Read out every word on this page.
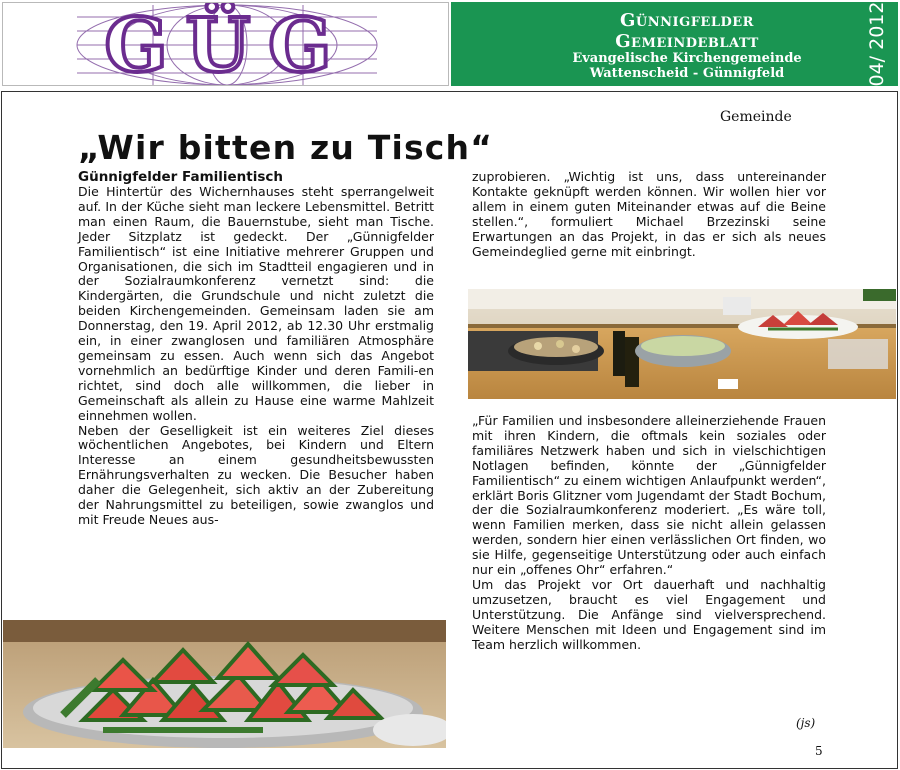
GÜG	Günnigfelder
Gemeindeblatt
Evangelische Kirchengemeinde
Wattenscheid - Günnigfeld	04/ 2012
Gemeinde
„Wir bitten zu Tisch“

Günnigfelder Familientisch

Die Hintertür des Wichernhauses steht sperrangelweit auf. In der Küche sieht man leckere Lebensmittel. Betritt man einen Raum, die Bauernstube, sieht man Tische. Jeder Sitzplatz ist gedeckt. Der „Günnigfelder Familientisch“ ist eine Initiative mehrerer Gruppen und Organisationen, die sich im Stadtteil engagieren und in der Sozialraumkonferenz vernetzt sind: die Kindergärten, die Grundschule und nicht zuletzt die beiden Kirchengemeinden. Gemeinsam laden sie am Donnerstag, den 19. April 2012, ab 12.30 Uhr erstmalig ein, in einer zwanglosen und familiären Atmosphäre gemeinsam zu essen. Auch wenn sich das Angebot vornehmlich an bedürftige Kinder und deren Famili-en richtet, sind doch alle willkommen, die lieber in Gemeinschaft als allein zu Hause eine warme Mahlzeit einnehmen wollen.

Neben der Geselligkeit ist ein weiteres Ziel dieses wöchentlichen Angebotes, bei Kindern und Eltern Interesse an einem gesundheitsbewussten Ernährungsverhalten zu wecken. Die Besucher haben daher die Gelegenheit, sich aktiv an der Zubereitung der Nahrungsmittel zu beteiligen, sowie zwanglos und mit Freude Neues aus-

zuprobieren. „Wichtig ist uns, dass untereinander Kontakte geknüpft werden können. Wir wollen hier vor allem in einem guten Miteinander etwas auf die Beine stellen.“, formuliert Michael Brzezinski seine Erwartungen an das Projekt, in das er sich als neues Gemeindeglied gerne mit einbringt.

„Für Familien und insbesondere alleinerziehende Frauen mit ihren Kindern, die oftmals kein soziales oder familiäres Netzwerk haben und sich in vielschichtigen Notlagen befinden, könnte der „Günnigfelder Familientisch“ zu einem wichtigen Anlaufpunkt werden“, erklärt Boris Glitzner vom Jugendamt der Stadt Bochum, der die Sozialraumkonferenz moderiert. „Es wäre toll, wenn Familien merken, dass sie nicht allein gelassen werden, sondern hier einen verlässlichen Ort finden, wo sie Hilfe, gegenseitige Unterstützung oder auch einfach nur ein „offenes Ohr“ erfahren.“

Um das Projekt vor Ort dauerhaft und nachhaltig umzusetzen, braucht es viel Engagement und Unterstützung. Die Anfänge sind vielversprechend. Weitere Menschen mit Ideen und Engagement sind im Team herzlich willkommen.

(js)
5
